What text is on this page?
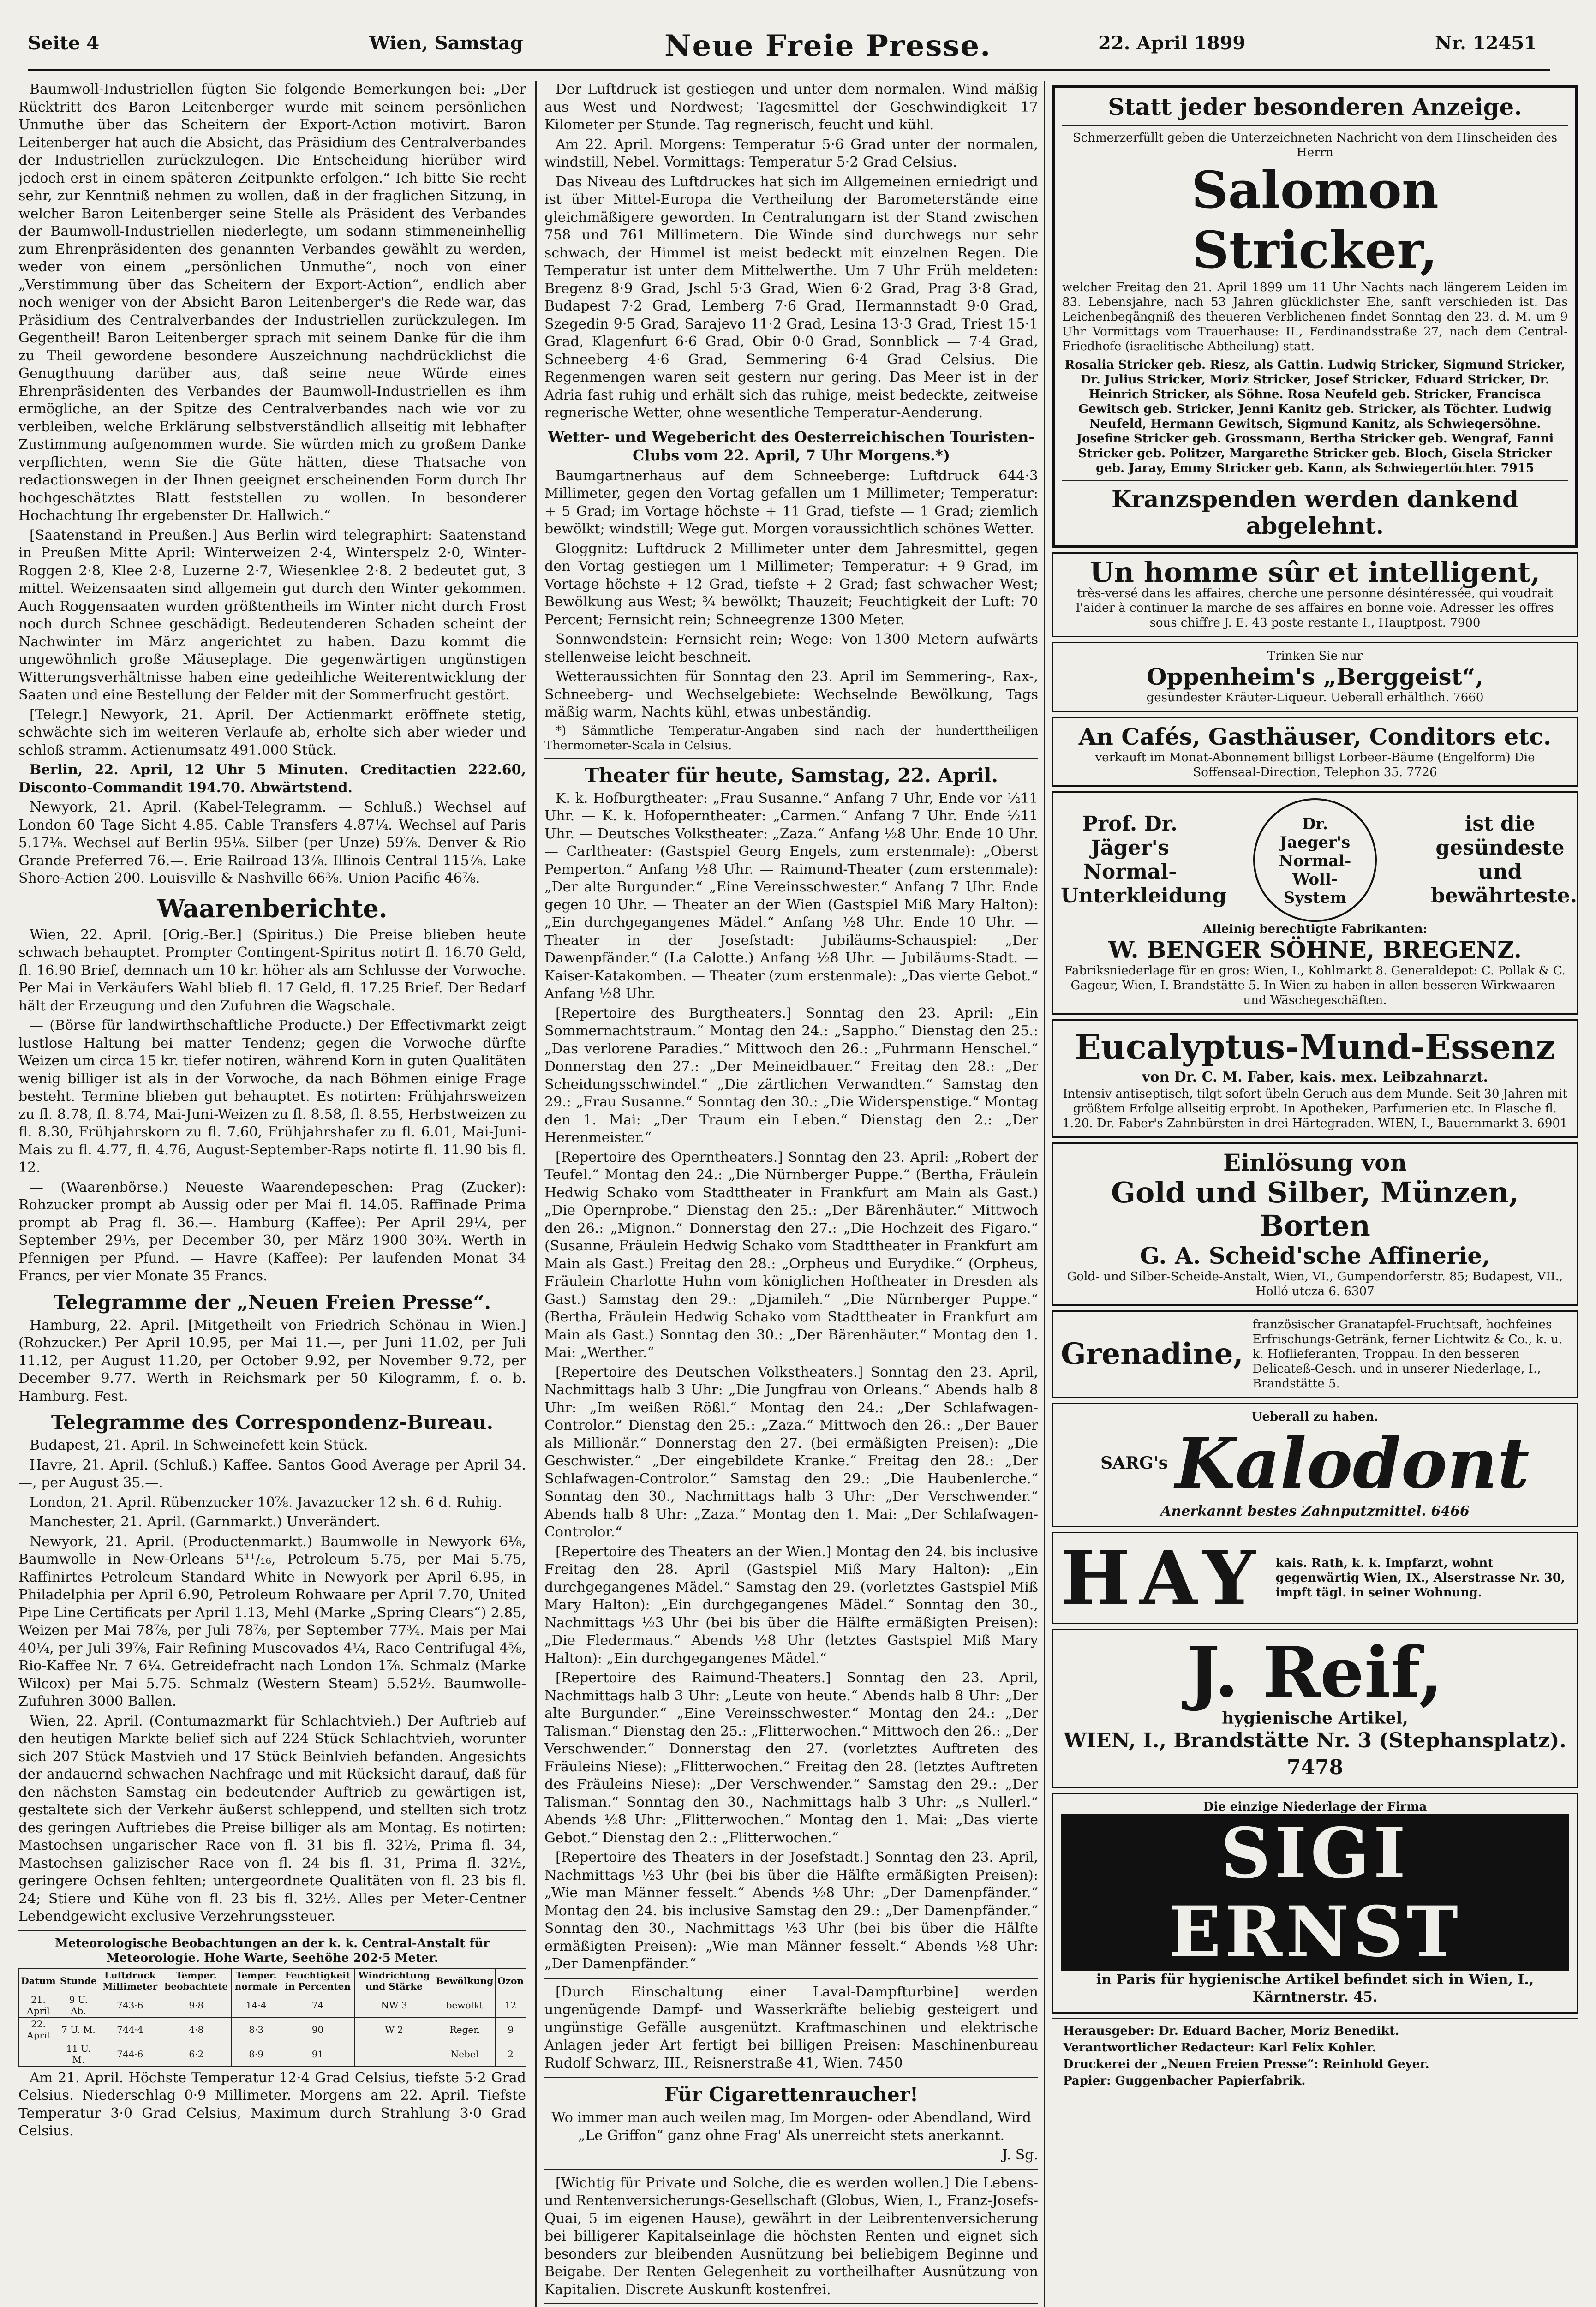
Seite 4	Wien, Samstag	Neue Freie Presse.	22. April 1899	Nr. 12451

Baumwoll-Industriellen fügten Sie folgende Bemerkungen bei: „Der Rücktritt des Baron Leitenberger wurde mit seinem persönlichen Unmuthe über das Scheitern der Export-Action motivirt. Baron Leitenberger hat auch die Absicht, das Präsidium des Centralverbandes der Industriellen zurückzulegen. Die Entscheidung hierüber wird jedoch erst in einem späteren Zeitpunkte erfolgen.“ Ich bitte Sie recht sehr, zur Kenntniß nehmen zu wollen, daß in der fraglichen Sitzung, in welcher Baron Leitenberger seine Stelle als Präsident des Verbandes der Baumwoll-Industriellen niederlegte, um sodann stimmeneinhellig zum Ehrenpräsidenten des genannten Verbandes gewählt zu werden, weder von einem „persönlichen Unmuthe“, noch von einer „Verstimmung über das Scheitern der Export-Action“, endlich aber noch weniger von der Absicht Baron Leitenberger's die Rede war, das Präsidium des Centralverbandes der Industriellen zurückzulegen. Im Gegentheil! Baron Leitenberger sprach mit seinem Danke für die ihm zu Theil gewordene besondere Auszeichnung nachdrücklichst die Genugthuung darüber aus, daß seine neue Würde eines Ehrenpräsidenten des Verbandes der Baumwoll-Industriellen es ihm ermögliche, an der Spitze des Centralverbandes nach wie vor zu verbleiben, welche Erklärung selbstverständlich allseitig mit lebhafter Zustimmung aufgenommen wurde. Sie würden mich zu großem Danke verpflichten, wenn Sie die Güte hätten, diese Thatsache von redactionswegen in der Ihnen geeignet erscheinenden Form durch Ihr hochgeschätztes Blatt feststellen zu wollen. In besonderer Hochachtung Ihr ergebenster Dr. Hallwich.“

[Saatenstand in Preußen.] Aus Berlin wird telegraphirt: Saatenstand in Preußen Mitte April: Winterweizen 2·4, Winterspelz 2·0, Winter-Roggen 2·8, Klee 2·8, Luzerne 2·7, Wiesenklee 2·8. 2 bedeutet gut, 3 mittel. Weizensaaten sind allgemein gut durch den Winter gekommen. Auch Roggensaaten wurden größtentheils im Winter nicht durch Frost noch durch Schnee geschädigt. Bedeutenderen Schaden scheint der Nachwinter im März angerichtet zu haben. Dazu kommt die ungewöhnlich große Mäuseplage. Die gegenwärtigen ungünstigen Witterungsverhältnisse haben eine gedeihliche Weiterentwicklung der Saaten und eine Bestellung der Felder mit der Sommerfrucht gestört.

[Telegr.] Newyork, 21. April. Der Actienmarkt eröffnete stetig, schwächte sich im weiteren Verlaufe ab, erholte sich aber wieder und schloß stramm. Actienumsatz 491.000 Stück.

Berlin, 22. April, 12 Uhr 5 Minuten. Creditactien 222.60, Disconto-Commandit 194.70. Abwärtstend.

Newyork, 21. April. (Kabel-Telegramm. — Schluß.) Wechsel auf London 60 Tage Sicht 4.85. Cable Transfers 4.87¼. Wechsel auf Paris 5.17⅛. Wechsel auf Berlin 95⅛. Silber (per Unze) 59⅞. Denver & Rio Grande Preferred 76.—. Erie Railroad 13⅞. Illinois Central 115⅞. Lake Shore-Actien 200. Louisville & Nashville 66⅜. Union Pacific 46⅞.

Waarenberichte.

Wien, 22. April. [Orig.-Ber.] (Spiritus.) Die Preise blieben heute schwach behauptet. Prompter Contingent-Spiritus notirt fl. 16.70 Geld, fl. 16.90 Brief, demnach um 10 kr. höher als am Schlusse der Vorwoche. Per Mai in Verkäufers Wahl blieb fl. 17 Geld, fl. 17.25 Brief. Der Bedarf hält der Erzeugung und den Zufuhren die Wagschale.

— (Börse für landwirthschaftliche Producte.) Der Effectivmarkt zeigt lustlose Haltung bei matter Tendenz; gegen die Vorwoche dürfte Weizen um circa 15 kr. tiefer notiren, während Korn in guten Qualitäten wenig billiger ist als in der Vorwoche, da nach Böhmen einige Frage besteht. Termine blieben gut behauptet. Es notirten: Frühjahrsweizen zu fl. 8.78, fl. 8.74, Mai-Juni-Weizen zu fl. 8.58, fl. 8.55, Herbstweizen zu fl. 8.30, Frühjahrskorn zu fl. 7.60, Frühjahrshafer zu fl. 6.01, Mai-Juni-Mais zu fl. 4.77, fl. 4.76, August-September-Raps notirte fl. 11.90 bis fl. 12.

— (Waarenbörse.) Neueste Waarendepeschen: Prag (Zucker): Rohzucker prompt ab Aussig oder per Mai fl. 14.05. Raffinade Prima prompt ab Prag fl. 36.—. Hamburg (Kaffee): Per April 29¼, per September 29½, per December 30, per März 1900 30¾. Werth in Pfennigen per Pfund. — Havre (Kaffee): Per laufenden Monat 34 Francs, per vier Monate 35 Francs.

Telegramme der „Neuen Freien Presse“.

Hamburg, 22. April. [Mitgetheilt von Friedrich Schönau in Wien.] (Rohzucker.) Per April 10.95, per Mai 11.—, per Juni 11.02, per Juli 11.12, per August 11.20, per October 9.92, per November 9.72, per December 9.77. Werth in Reichsmark per 50 Kilogramm, f. o. b. Hamburg. Fest.

Telegramme des Correspondenz-Bureau.

Budapest, 21. April. In Schweinefett kein Stück.

Havre, 21. April. (Schluß.) Kaffee. Santos Good Average per April 34.—, per August 35.—.

London, 21. April. Rübenzucker 10⅞. Javazucker 12 sh. 6 d. Ruhig.

Manchester, 21. April. (Garnmarkt.) Unverändert.

Newyork, 21. April. (Productenmarkt.) Baumwolle in Newyork 6⅛, Baumwolle in New-Orleans 5¹¹/₁₆, Petroleum 5.75, per Mai 5.75, Raffinirtes Petroleum Standard White in Newyork per April 6.95, in Philadelphia per April 6.90, Petroleum Rohwaare per April 7.70, United Pipe Line Certificats per April 1.13, Mehl (Marke „Spring Clears“) 2.85, Weizen per Mai 78⅞, per Juli 78⅞, per September 77¾. Mais per Mai 40¼, per Juli 39⅞, Fair Refining Muscovados 4¼, Raco Centrifugal 4⅝, Rio-Kaffee Nr. 7 6¼. Getreidefracht nach London 1⅞. Schmalz (Marke Wilcox) per Mai 5.75. Schmalz (Western Steam) 5.52½. Baumwolle-Zufuhren 3000 Ballen.

Wien, 22. April. (Contumazmarkt für Schlachtvieh.) Der Auftrieb auf den heutigen Markte belief sich auf 224 Stück Schlachtvieh, worunter sich 207 Stück Mastvieh und 17 Stück Beinlvieh befanden. Angesichts der andauernd schwachen Nachfrage und mit Rücksicht darauf, daß für den nächsten Samstag ein bedeutender Auftrieb zu gewärtigen ist, gestaltete sich der Verkehr äußerst schleppend, und stellten sich trotz des geringen Auftriebes die Preise billiger als am Montag. Es notirten: Mastochsen ungarischer Race von fl. 31 bis fl. 32½, Prima fl. 34, Mastochsen galizischer Race von fl. 24 bis fl. 31, Prima fl. 32½, geringere Ochsen fehlten; untergeordnete Qualitäten von fl. 23 bis fl. 24; Stiere und Kühe von fl. 23 bis fl. 32½. Alles per Meter-Centner Lebendgewicht exclusive Verzehrungssteuer.

Meteorologische Beobachtungen an der k. k. Central-Anstalt für Meteorologie. Hohe Warte, Seehöhe 202·5 Meter.

Datum	Stunde	Luftdruck Millimeter	Temper. beobachtete	Temper. normale	Feuchtigkeit in Percenten	Windrichtung und Stärke	Bewölkung	Ozon
21. April	9 U. Ab.	743·6	9·8	14·4	74	NW 3	bewölkt	12
22. April	7 U. M.	744·4	4·8	8·3	90	W 2	Regen	9
	11 U. M.	744·6	6·2	8·9	91		Nebel	2

Am 21. April. Höchste Temperatur 12·4 Grad Celsius, tiefste 5·2 Grad Celsius. Niederschlag 0·9 Millimeter. Morgens am 22. April. Tiefste Temperatur 3·0 Grad Celsius, Maximum durch Strahlung 3·0 Grad Celsius.

Der Luftdruck ist gestiegen und unter dem normalen. Wind mäßig aus West und Nordwest; Tagesmittel der Geschwindigkeit 17 Kilometer per Stunde. Tag regnerisch, feucht und kühl.

Am 22. April. Morgens: Temperatur 5·6 Grad unter der normalen, windstill, Nebel. Vormittags: Temperatur 5·2 Grad Celsius.

Das Niveau des Luftdruckes hat sich im Allgemeinen erniedrigt und ist über Mittel-Europa die Vertheilung der Barometerstände eine gleichmäßigere geworden. In Centralungarn ist der Stand zwischen 758 und 761 Millimetern. Die Winde sind durchwegs nur sehr schwach, der Himmel ist meist bedeckt mit einzelnen Regen. Die Temperatur ist unter dem Mittelwerthe. Um 7 Uhr Früh meldeten: Bregenz 8·9 Grad, Jschl 5·3 Grad, Wien 6·2 Grad, Prag 3·8 Grad, Budapest 7·2 Grad, Lemberg 7·6 Grad, Hermannstadt 9·0 Grad, Szegedin 9·5 Grad, Sarajevo 11·2 Grad, Lesina 13·3 Grad, Triest 15·1 Grad, Klagenfurt 6·6 Grad, Obir 0·0 Grad, Sonnblick — 7·4 Grad, Schneeberg 4·6 Grad, Semmering 6·4 Grad Celsius. Die Regenmengen waren seit gestern nur gering. Das Meer ist in der Adria fast ruhig und erhält sich das ruhige, meist bedeckte, zeitweise regnerische Wetter, ohne wesentliche Temperatur-Aenderung.

Wetter- und Wegebericht des Oesterreichischen Touristen-Clubs vom 22. April, 7 Uhr Morgens.*)

Baumgartnerhaus auf dem Schneeberge: Luftdruck 644·3 Millimeter, gegen den Vortag gefallen um 1 Millimeter; Temperatur: + 5 Grad; im Vortage höchste + 11 Grad, tiefste — 1 Grad; ziemlich bewölkt; windstill; Wege gut. Morgen voraussichtlich schönes Wetter.

Gloggnitz: Luftdruck 2 Millimeter unter dem Jahresmittel, gegen den Vortag gestiegen um 1 Millimeter; Temperatur: + 9 Grad, im Vortage höchste + 12 Grad, tiefste + 2 Grad; fast schwacher West; Bewölkung aus West; ¾ bewölkt; Thauzeit; Feuchtigkeit der Luft: 70 Percent; Fernsicht rein; Schneegrenze 1300 Meter.

Sonnwendstein: Fernsicht rein; Wege: Von 1300 Metern aufwärts stellenweise leicht beschneit.

Wetteraussichten für Sonntag den 23. April im Semmering-, Rax-, Schneeberg- und Wechselgebiete: Wechselnde Bewölkung, Tags mäßig warm, Nachts kühl, etwas unbeständig.

*) Sämmtliche Temperatur-Angaben sind nach der hunderttheiligen Thermometer-Scala in Celsius.

Theater für heute, Samstag, 22. April.

K. k. Hofburgtheater: „Frau Susanne.“ Anfang 7 Uhr, Ende vor ½11 Uhr. — K. k. Hofoperntheater: „Carmen.“ Anfang 7 Uhr. Ende ½11 Uhr. — Deutsches Volkstheater: „Zaza.“ Anfang ½8 Uhr. Ende 10 Uhr. — Carltheater: (Gastspiel Georg Engels, zum erstenmale): „Oberst Pemperton.“ Anfang ½8 Uhr. — Raimund-Theater (zum erstenmale): „Der alte Burgunder.“ „Eine Vereinsschwester.“ Anfang 7 Uhr. Ende gegen 10 Uhr. — Theater an der Wien (Gastspiel Miß Mary Halton): „Ein durchgegangenes Mädel.“ Anfang ½8 Uhr. Ende 10 Uhr. — Theater in der Josefstadt: Jubiläums-Schauspiel: „Der Dawenpfänder.“ (La Calotte.) Anfang ½8 Uhr. — Jubiläums-Stadt. — Kaiser-Katakomben. — Theater (zum erstenmale): „Das vierte Gebot.“ Anfang ½8 Uhr.

[Repertoire des Burgtheaters.] Sonntag den 23. April: „Ein Sommernachtstraum.“ Montag den 24.: „Sappho.“ Dienstag den 25.: „Das verlorene Paradies.“ Mittwoch den 26.: „Fuhrmann Henschel.“ Donnerstag den 27.: „Der Meineidbauer.“ Freitag den 28.: „Der Scheidungsschwindel.“ „Die zärtlichen Verwandten.“ Samstag den 29.: „Frau Susanne.“ Sonntag den 30.: „Die Widerspenstige.“ Montag den 1. Mai: „Der Traum ein Leben.“ Dienstag den 2.: „Der Herenmeister.“

[Repertoire des Operntheaters.] Sonntag den 23. April: „Robert der Teufel.“ Montag den 24.: „Die Nürnberger Puppe.“ (Bertha, Fräulein Hedwig Schako vom Stadttheater in Frankfurt am Main als Gast.) „Die Opernprobe.“ Dienstag den 25.: „Der Bärenhäuter.“ Mittwoch den 26.: „Mignon.“ Donnerstag den 27.: „Die Hochzeit des Figaro.“ (Susanne, Fräulein Hedwig Schako vom Stadttheater in Frankfurt am Main als Gast.) Freitag den 28.: „Orpheus und Eurydike.“ (Orpheus, Fräulein Charlotte Huhn vom königlichen Hoftheater in Dresden als Gast.) Samstag den 29.: „Djamileh.“ „Die Nürnberger Puppe.“ (Bertha, Fräulein Hedwig Schako vom Stadttheater in Frankfurt am Main als Gast.) Sonntag den 30.: „Der Bärenhäuter.“ Montag den 1. Mai: „Werther.“

[Repertoire des Deutschen Volkstheaters.] Sonntag den 23. April, Nachmittags halb 3 Uhr: „Die Jungfrau von Orleans.“ Abends halb 8 Uhr: „Im weißen Rößl.“ Montag den 24.: „Der Schlafwagen-Controlor.“ Dienstag den 25.: „Zaza.“ Mittwoch den 26.: „Der Bauer als Millionär.“ Donnerstag den 27. (bei ermäßigten Preisen): „Die Geschwister.“ „Der eingebildete Kranke.“ Freitag den 28.: „Der Schlafwagen-Controlor.“ Samstag den 29.: „Die Haubenlerche.“ Sonntag den 30., Nachmittags halb 3 Uhr: „Der Verschwender.“ Abends halb 8 Uhr: „Zaza.“ Montag den 1. Mai: „Der Schlafwagen-Controlor.“

[Repertoire des Theaters an der Wien.] Montag den 24. bis inclusive Freitag den 28. April (Gastspiel Miß Mary Halton): „Ein durchgegangenes Mädel.“ Samstag den 29. (vorletztes Gastspiel Miß Mary Halton): „Ein durchgegangenes Mädel.“ Sonntag den 30., Nachmittags ½3 Uhr (bei bis über die Hälfte ermäßigten Preisen): „Die Fledermaus.“ Abends ½8 Uhr (letztes Gastspiel Miß Mary Halton): „Ein durchgegangenes Mädel.“

[Repertoire des Raimund-Theaters.] Sonntag den 23. April, Nachmittags halb 3 Uhr: „Leute von heute.“ Abends halb 8 Uhr: „Der alte Burgunder.“ „Eine Vereinsschwester.“ Montag den 24.: „Der Talisman.“ Dienstag den 25.: „Flitterwochen.“ Mittwoch den 26.: „Der Verschwender.“ Donnerstag den 27. (vorletztes Auftreten des Fräuleins Niese): „Flitterwochen.“ Freitag den 28. (letztes Auftreten des Fräuleins Niese): „Der Verschwender.“ Samstag den 29.: „Der Talisman.“ Sonntag den 30., Nachmittags halb 3 Uhr: „s Nullerl.“ Abends ½8 Uhr: „Flitterwochen.“ Montag den 1. Mai: „Das vierte Gebot.“ Dienstag den 2.: „Flitterwochen.“

[Repertoire des Theaters in der Josefstadt.] Sonntag den 23. April, Nachmittags ½3 Uhr (bei bis über die Hälfte ermäßigten Preisen): „Wie man Männer fesselt.“ Abends ½8 Uhr: „Der Damenpfänder.“ Montag den 24. bis inclusive Samstag den 29.: „Der Damenpfänder.“ Sonntag den 30., Nachmittags ½3 Uhr (bei bis über die Hälfte ermäßigten Preisen): „Wie man Männer fesselt.“ Abends ½8 Uhr: „Der Damenpfänder.“

[Durch Einschaltung einer Laval-Dampfturbine] werden ungenügende Dampf- und Wasserkräfte beliebig gesteigert und ungünstige Gefälle ausgenützt. Kraftmaschinen und elektrische Anlagen jeder Art fertigt bei billigen Preisen: Maschinenbureau Rudolf Schwarz, III., Reisnerstraße 41, Wien. 7450

Für Cigarettenraucher!

Wo immer man auch weilen mag, Im Morgen- oder Abendland, Wird „Le Griffon“ ganz ohne Frag' Als unerreicht stets anerkannt.

J. Sg.

[Wichtig für Private und Solche, die es werden wollen.] Die Lebens- und Rentenversicherungs-Gesellschaft (Globus, Wien, I., Franz-Josefs-Quai, 5 im eigenen Hause), gewährt in der Leibrentenversicherung bei billigerer Kapitalseinlage die höchsten Renten und eignet sich besonders zur bleibenden Ausnützung bei beliebigem Beginne und Beigabe. Der Renten Gelegenheit zu vortheilhafter Ausnützung von Kapitalien. Discrete Auskunft kostenfrei.

Statt jeder besonderen Anzeige.
Schmerzerfüllt geben die Unterzeichneten Nachricht von dem Hinscheiden des Herrn
Salomon Stricker,
welcher Freitag den 21. April 1899 um 11 Uhr Nachts nach längerem Leiden im 83. Lebensjahre, nach 53 Jahren glücklichster Ehe, sanft verschieden ist. Das Leichenbegängniß des theueren Verblichenen findet Sonntag den 23. d. M. um 9 Uhr Vormittags vom Trauerhause: II., Ferdinandsstraße 27, nach dem Central-Friedhofe (israelitische Abtheilung) statt.
Rosalia Stricker geb. Riesz, als Gattin. Ludwig Stricker, Sigmund Stricker, Dr. Julius Stricker, Moriz Stricker, Josef Stricker, Eduard Stricker, Dr. Heinrich Stricker, als Söhne. Rosa Neufeld geb. Stricker, Francisca Gewitsch geb. Stricker, Jenni Kanitz geb. Stricker, als Töchter. Ludwig Neufeld, Hermann Gewitsch, Sigmund Kanitz, als Schwiegersöhne. Josefine Stricker geb. Grossmann, Bertha Stricker geb. Wengraf, Fanni Stricker geb. Politzer, Margarethe Stricker geb. Bloch, Gisela Stricker geb. Jaray, Emmy Stricker geb. Kann, als Schwiegertöchter. 7915
Kranzspenden werden dankend abgelehnt.
Un homme sûr et intelligent,
très-versé dans les affaires, cherche une personne désintéressée, qui voudrait l'aider à continuer la marche de ses affaires en bonne voie. Adresser les offres sous chiffre J. E. 43 poste restante I., Hauptpost. 7900
Trinken Sie nur
Oppenheim's „Berggeist“,
gesündester Kräuter-Liqueur. Ueberall erhältlich. 7660
An Cafés, Gasthäuser, Conditors etc.
verkauft im Monat-Abonnement billigst Lorbeer-Bäume (Engelform) Die Soffensaal-Direction, Telephon 35. 7726
Prof. Dr. Jäger's Normal-Unterkleidung
Dr. Jaeger's Normal-Woll-System
ist die gesündeste und bewährteste.
Alleinig berechtigte Fabrikanten:
W. BENGER SÖHNE, BREGENZ.
Fabriksniederlage für en gros: Wien, I., Kohlmarkt 8. Generaldepot: C. Pollak & C. Gageur, Wien, I. Brandstätte 5. In Wien zu haben in allen besseren Wirkwaaren- und Wäschegeschäften.
Eucalyptus-Mund-Essenz
von Dr. C. M. Faber, kais. mex. Leibzahnarzt.
Intensiv antiseptisch, tilgt sofort übeln Geruch aus dem Munde. Seit 30 Jahren mit größtem Erfolge allseitig erprobt. In Apotheken, Parfumerien etc. In Flasche fl. 1.20. Dr. Faber's Zahnbürsten in drei Härtegraden. WIEN, I., Bauernmarkt 3. 6901
Einlösung von
Gold und Silber, Münzen, Borten
G. A. Scheid'sche Affinerie,
Gold- und Silber-Scheide-Anstalt, Wien, VI., Gumpendorferstr. 85; Budapest, VII., Holló utcza 6. 6307
Grenadine,
französischer Granatapfel-Fruchtsaft, hochfeines Erfrischungs-Getränk, ferner Lichtwitz & Co., k. u. k. Hoflieferanten, Troppau. In den besseren Delicateß-Gesch. und in unserer Niederlage, I., Brandstätte 5.
Ueberall zu haben.
SARG's Kalodont
Anerkannt bestes Zahnputzmittel. 6466
HAY kais. Rath, k. k. Impfarzt, wohnt gegenwärtig Wien, IX., Alserstrasse Nr. 30, impft tägl. in seiner Wohnung.
J. Reif,
hygienische Artikel,
WIEN, I., Brandstätte Nr. 3 (Stephansplatz). 7478
Die einzige Niederlage der Firma
SIGI ERNST
in Paris für hygienische Artikel befindet sich in Wien, I., Kärntnerstr. 45.

Herausgeber: Dr. Eduard Bacher, Moriz Benedikt.

Verantwortlicher Redacteur: Karl Felix Kohler.

Druckerei der „Neuen Freien Presse“: Reinhold Geyer.

Papier: Guggenbacher Papierfabrik.
